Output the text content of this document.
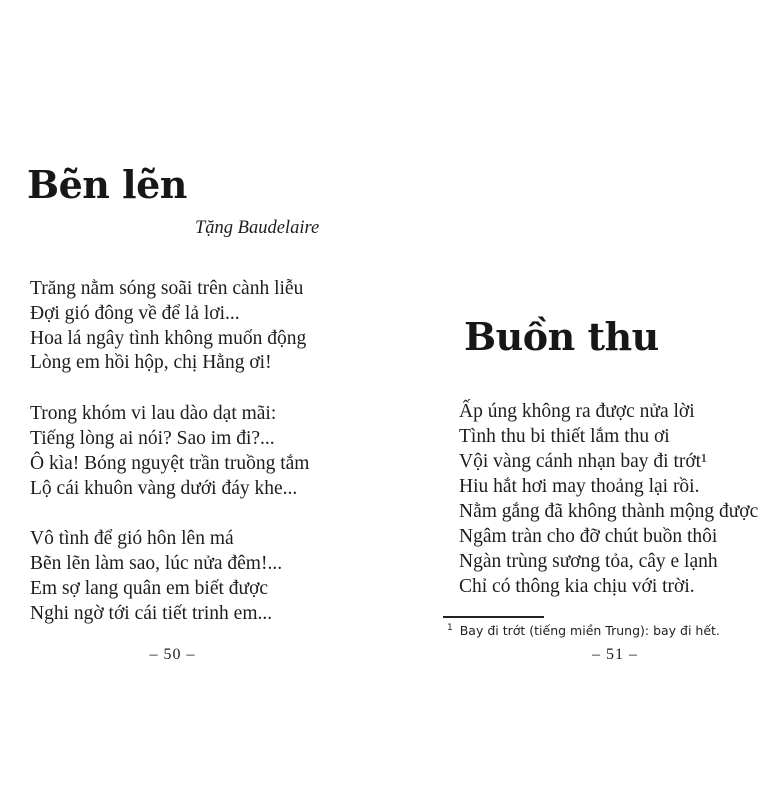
Bẽn lẽn

Tặng Baudelaire

Trăng nằm sóng soãi trên cành liễu

Đợi gió đông về để lả lơi...

Hoa lá ngây tình không muốn động

Lòng em hồi hộp, chị Hằng ơi!

Trong khóm vi lau dào dạt mãi:

Tiếng lòng ai nói? Sao im đi?...

Ô kìa! Bóng nguyệt trần truồng tắm

Lộ cái khuôn vàng dưới đáy khe...

Vô tình để gió hôn lên má

Bẽn lẽn làm sao, lúc nửa đêm!...

Em sợ lang quân em biết được

Nghi ngờ tới cái tiết trinh em...

– 50 –

Buồn thu

Ấp úng không ra được nửa lời

Tình thu bi thiết lắm thu ơi

Vội vàng cánh nhạn bay đi trớt¹

Hiu hắt hơi may thoảng lại rồi.

Nằm gắng đã không thành mộng được

Ngâm tràn cho đỡ chút buồn thôi

Ngàn trùng sương tỏa, cây e lạnh

Chỉ có thông kia chịu với trời.

$^1$ Bay đi trớt (tiếng miền Trung): bay đi hết.

– 51 –
